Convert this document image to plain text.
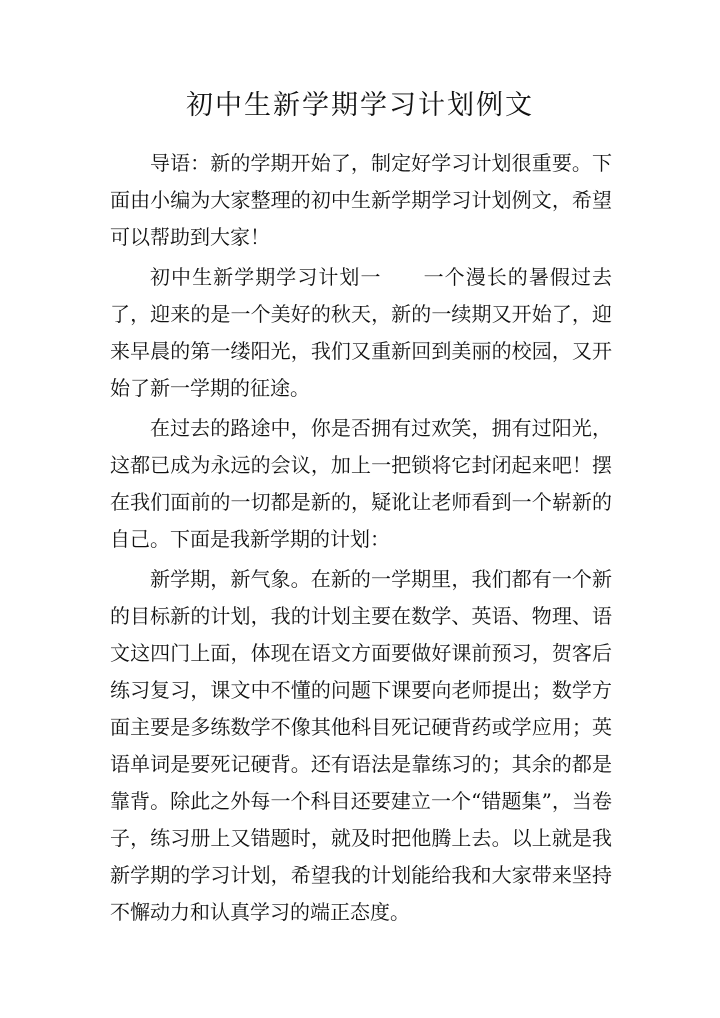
初中生新学期学习计划例文

导语：新的学期开始了，制定好学习计划很重要。下面由小编为大家整理的初中生新学期学习计划例文，希望可以帮助到大家！

初中生新学期学习计划一　　一个漫长的暑假过去了，迎来的是一个美好的秋天，新的一续期又开始了，迎来早晨的第一缕阳光，我们又重新回到美丽的校园，又开始了新一学期的征途。

在过去的路途中，你是否拥有过欢笑，拥有过阳光，这都已成为永远的会议，加上一把锁将它封闭起来吧！摆在我们面前的一切都是新的，疑讹让老师看到一个崭新的自己。下面是我新学期的计划：

新学期，新气象。在新的一学期里，我们都有一个新的目标新的计划，我的计划主要在数学、英语、物理、语文这四门上面，体现在语文方面要做好课前预习，贺客后练习复习，课文中不懂的问题下课要向老师提出；数学方面主要是多练数学不像其他科目死记硬背药或学应用；英语单词是要死记硬背。还有语法是靠练习的；其余的都是靠背。除此之外每一个科目还要建立一个“错题集”，当卷子，练习册上又错题时，就及时把他腾上去。以上就是我新学期的学习计划，希望我的计划能给我和大家带来坚持不懈动力和认真学习的端正态度。
